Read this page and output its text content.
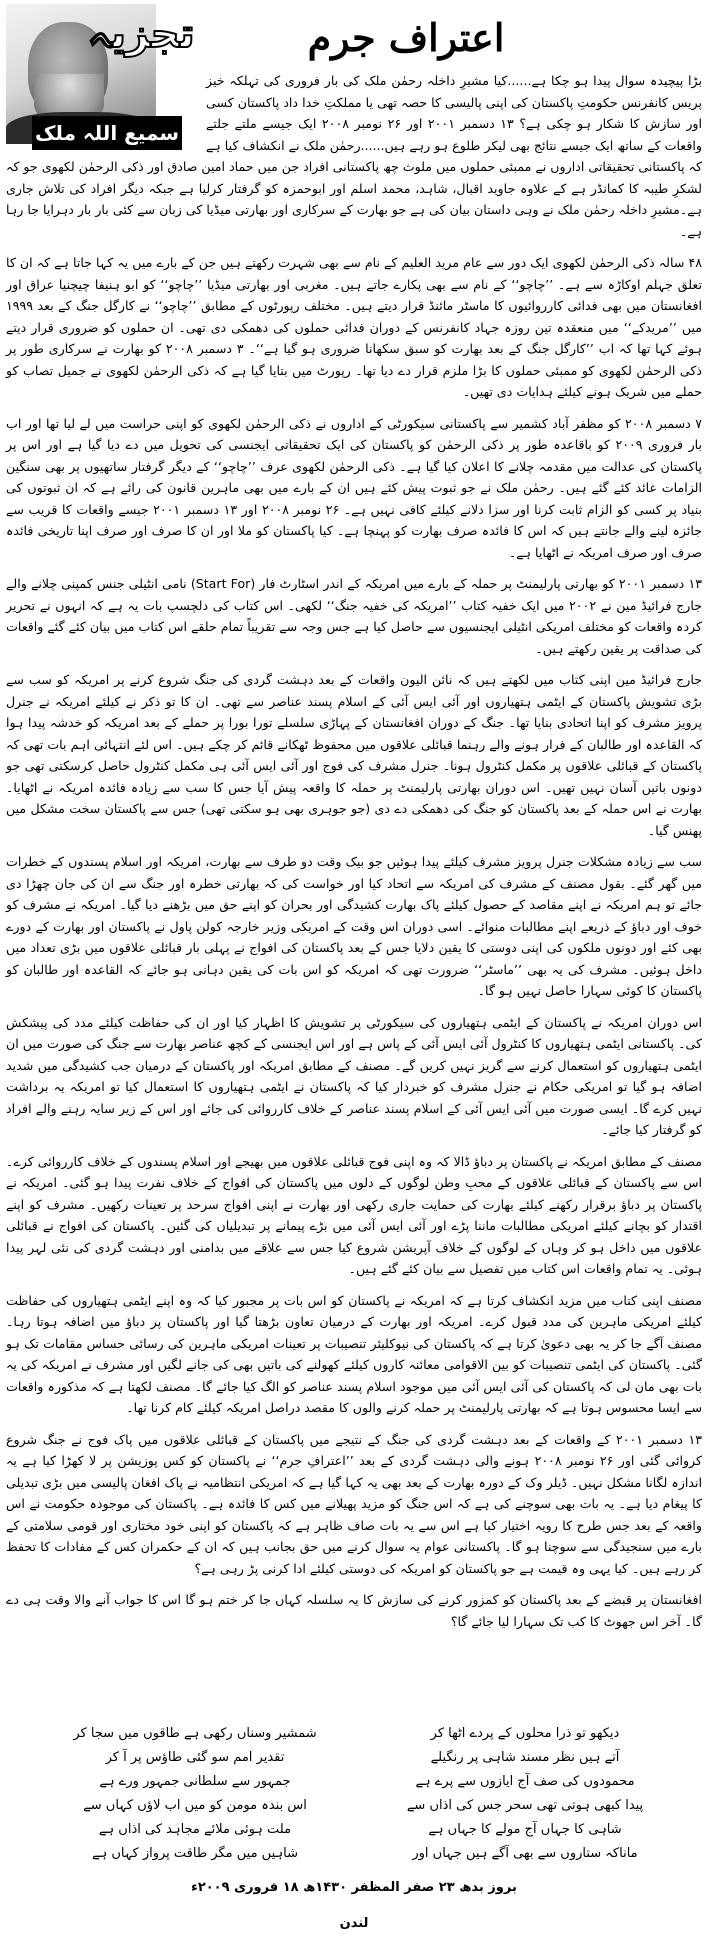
تجزیہ
سمیع اللہ ملک
اعتراف جرم

بڑا پیچیدہ سوال پیدا ہو چکا ہے......کیا مشیرِ داخلہ رحمٰن ملک کی بار فروری کی تہلکہ خیز پریس کانفرنس حکومتِ پاکستان کی اپنی پالیسی کا حصہ تھی یا مملکتِ خدا داد پاکستان کسی اور سازش کا شکار ہو چکی ہے؟ ۱۳ دسمبر ۲۰۰۱ اور ۲۶ نومبر ۲۰۰۸ ایک جیسے ملتے جلتے واقعات کے ساتھ ایک جیسے نتائج بھی لیکر طلوع ہو رہے ہیں......رحمٰن ملک نے انکشاف کیا ہے کہ پاکستانی تحقیقاتی اداروں نے ممبئی حملوں میں ملوث چھ پاکستانی افراد جن میں حماد امین صادق اور ذکی الرحمٰن لکھوی جو کہ لشکرِ طیبہ کا کمانڈر ہے کے علاوہ جاوید اقبال، شاہد، محمد اسلم اور ابوحمزہ کو گرفتار کرلیا ہے جبکہ دیگر افراد کی تلاش جاری ہے۔مشیرِ داخلہ رحمٰن ملک نے وہی داستان بیان کی ہے جو بھارت کے سرکاری اور بھارتی میڈیا کی زبان سے کئی بار بار دہرایا جا رہا ہے۔

۴۸ سالہ ذکی الرحمٰن لکھوی ایک دور سے عام مرید العلیم کے نام سے بھی شہرت رکھتے ہیں جن کے بارے میں یہ کہا جاتا ہے کہ ان کا تعلق جہلم اوکاڑہ سے ہے۔ ’’چاچو‘‘ کے نام سے بھی پکارے جاتے ہیں۔ مغربی اور بھارتی میڈیا ’’چاچو‘‘ کو ابو ہنیفا چیچنیا عراق اور افغانستان میں بھی فدائی کارروائیوں کا ماسٹر مائنڈ قرار دیتے ہیں۔ مختلف رپورٹوں کے مطابق ’’چاچو‘‘ نے کارگل جنگ کے بعد ۱۹۹۹ میں ’’مریدکے‘‘ میں منعقدہ تین روزہ جہاد کانفرنس کے دوران فدائی حملوں کی دھمکی دی تھی۔ ان حملوں کو ضروری قرار دیتے ہوئے کہا تھا کہ اب ’’کارگل جنگ کے بعد بھارت کو سبق سکھانا ضروری ہو گیا ہے‘‘۔ ۳ دسمبر ۲۰۰۸ کو بھارت نے سرکاری طور پر ذکی الرحمٰن لکھوی کو ممبئی حملوں کا بڑا ملزم قرار دے دیا تھا۔ رپورٹ میں بتایا گیا ہے کہ ذکی الرحمٰن لکھوی نے جمیل تصاب کو حملے میں شریک ہونے کیلئے ہدایات دی تھیں۔

۷ دسمبر ۲۰۰۸ کو مظفر آباد کشمیر سے پاکستانی سیکورٹی کے اداروں نے ذکی الرحمٰن لکھوی کو اپنی حراست میں لے لیا تھا اور اب بار فروری ۲۰۰۹ کو باقاعدہ طور پر ذکی الرحمٰن کو پاکستان کی ایک تحقیقاتی ایجنسی کی تحویل میں دے دیا گیا ہے اور اس پر پاکستان کی عدالت میں مقدمہ چلانے کا اعلان کیا گیا ہے۔ ذکی الرحمٰن لکھوی عرف ’’چاچو‘‘ کے دیگر گرفتار ساتھیوں پر بھی سنگین الزامات عائد کئے گئے ہیں۔ رحمٰن ملک نے جو ثبوت پیش کئے ہیں ان کے بارے میں بھی ماہرین قانون کی رائے ہے کہ ان ثبوتوں کی بنیاد پر کسی کو الزام ثابت کرنا اور سزا دلانے کیلئے کافی نہیں ہے۔ ۲۶ نومبر ۲۰۰۸ اور ۱۳ دسمبر ۲۰۰۱ جیسے واقعات کا قریب سے جائزہ لینے والے جانتے ہیں کہ اس کا فائدہ صرف بھارت کو پہنچا ہے۔ کیا پاکستان کو ملا اور ان کا صرف اور صرف اپنا تاریخی فائدہ صرف اور صرف امریکہ نے اٹھایا ہے۔

۱۳ دسمبر ۲۰۰۱ کو بھارتی پارلیمنٹ پر حملہ کے بارے میں امریکہ کے اندر اسٹارٹ فار (Start For) نامی انٹیلی جنس کمپنی چلانے والے جارج فرائیڈ مین نے ۲۰۰۲ میں ایک خفیہ کتاب ’’امریکہ کی خفیہ جنگ‘‘ لکھی۔ اس کتاب کی دلچسپ بات یہ ہے کہ انہوں نے تحریر کردہ واقعات کو مختلف امریکی انٹیلی ایجنسیوں سے حاصل کیا ہے جس وجہ سے تقریباً تمام حلقے اس کتاب میں بیان کئے گئے واقعات کی صداقت پر یقین رکھتے ہیں۔

جارج فرائیڈ مین اپنی کتاب میں لکھتے ہیں کہ نائن الیون واقعات کے بعد دہشت گردی کی جنگ شروع کرنے پر امریکہ کو سب سے بڑی تشویش پاکستان کے ایٹمی ہتھیاروں اور آئی ایس آئی کے اسلام پسند عناصر سے تھی۔ ان کا تو ذکر نے کیلئے امریکہ نے جنرل پرویز مشرف کو اپنا اتحادی بنایا تھا۔ جنگ کے دوران افغانستان کے پہاڑی سلسلے تورا بورا پر حملے کے بعد امریکہ کو خدشہ پیدا ہوا کہ القاعدہ اور طالبان کے فرار ہونے والے رہنما قبائلی علاقوں میں محفوظ ٹھکانے قائم کر چکے ہیں۔ اس لئے انتہائی اہم بات تھی کہ پاکستان کے قبائلی علاقوں پر مکمل کنٹرول ہونا۔ جنرل مشرف کی فوج اور آئی ایس آئی ہی مکمل کنٹرول حاصل کرسکتی تھی جو دونوں باتیں آسان نہیں تھیں۔ اس دوران بھارتی پارلیمنٹ پر حملہ کا واقعہ پیش آیا جس کا سب سے زیادہ فائدہ امریکہ نے اٹھایا۔ بھارت نے اس حملہ کے بعد پاکستان کو جنگ کی دھمکی دے دی (جو جوہری بھی ہو سکتی تھی) جس سے پاکستان سخت مشکل میں پھنس گیا۔

سب سے زیادہ مشکلات جنرل پرویز مشرف کیلئے پیدا ہوئیں جو بیک وقت دو طرف سے بھارت، امریکہ اور اسلام پسندوں کے خطرات میں گھر گئے۔ بقول مصنف کے مشرف کی امریکہ سے اتحاد کیا اور خواست کی کہ بھارتی خطرہ اور جنگ سے ان کی جان چھڑا دی جائے تو ہم امریکہ نے اپنے مقاصد کے حصول کیلئے پاک بھارت کشیدگی اور بحران کو اپنے حق میں بڑھنے دیا گیا۔ امریکہ نے مشرف کو خوف اور دباؤ کے ذریعے اپنے مطالبات منوائے۔ اسی دوران اس وقت کے امریکی وزیر خارجہ کولن پاول نے پاکستان اور بھارت کے دورے بھی کئے اور دونوں ملکوں کی اپنی دوستی کا یقین دلایا جس کے بعد پاکستان کی افواج نے پہلی بار قبائلی علاقوں میں بڑی تعداد میں داخل ہوئیں۔ مشرف کی یہ بھی ’’ماسٹر‘‘ ضرورت تھی کہ امریکہ کو اس بات کی یقین دہانی ہو جائے کہ القاعدہ اور طالبان کو پاکستان کا کوئی سہارا حاصل نہیں ہو گا۔

اس دوران امریکہ نے پاکستان کے ایٹمی ہتھیاروں کی سیکورٹی پر تشویش کا اظہار کیا اور ان کی حفاظت کیلئے مدد کی پیشکش کی۔ پاکستانی ایٹمی ہتھیاروں کا کنٹرول آئی ایس آئی کے پاس ہے اور اس ایجنسی کے کچھ عناصر بھارت سے جنگ کی صورت میں ان ایٹمی ہتھیاروں کو استعمال کرنے سے گریز نہیں کریں گے۔ مصنف کے مطابق امریکہ اور پاکستان کے درمیان جب کشیدگی میں شدید اضافہ ہو گیا تو امریکی حکام نے جنرل مشرف کو خبردار کیا کہ پاکستان نے ایٹمی ہتھیاروں کا استعمال کیا تو امریکہ یہ برداشت نہیں کرے گا۔ ایسی صورت میں آئی ایس آئی کے اسلام پسند عناصر کے خلاف کارروائی کی جائے اور اس کے زیر سایہ رہنے والے افراد کو گرفتار کیا جائے۔

مصنف کے مطابق امریکہ نے پاکستان پر دباؤ ڈالا کہ وہ اپنی فوج قبائلی علاقوں میں بھیجے اور اسلام پسندوں کے خلاف کارروائی کرے۔ اس سے پاکستان کے قبائلی علاقوں کے محبِ وطن لوگوں کے دلوں میں پاکستان کی افواج کے خلاف نفرت پیدا ہو گئی۔ امریکہ نے پاکستان پر دباؤ برقرار رکھنے کیلئے بھارت کی حمایت جاری رکھی اور بھارت نے اپنی افواج سرحد پر تعینات رکھیں۔ مشرف کو اپنے اقتدار کو بچانے کیلئے امریکی مطالبات ماننا پڑے اور آئی ایس آئی میں بڑے پیمانے پر تبدیلیاں کی گئیں۔ پاکستان کی افواج نے قبائلی علاقوں میں داخل ہو کر وہاں کے لوگوں کے خلاف آپریشن شروع کیا جس سے علاقے میں بدامنی اور دہشت گردی کی نئی لہر پیدا ہوئی۔ یہ تمام واقعات اس کتاب میں تفصیل سے بیان کئے گئے ہیں۔

مصنف اپنی کتاب میں مزید انکشاف کرتا ہے کہ امریکہ نے پاکستان کو اس بات پر مجبور کیا کہ وہ اپنے ایٹمی ہتھیاروں کی حفاظت کیلئے امریکی ماہرین کی مدد قبول کرے۔ امریکہ اور بھارت کے درمیان تعاون بڑھتا گیا اور پاکستان پر دباؤ میں اضافہ ہوتا رہا۔ مصنف آگے جا کر یہ بھی دعویٰ کرتا ہے کہ پاکستان کی نیوکلیئر تنصیبات پر تعینات امریکی ماہرین کی رسائی حساس مقامات تک ہو گئی۔ پاکستان کی ایٹمی تنصیبات کو بین الاقوامی معائنہ کاروں کیلئے کھولنے کی باتیں بھی کی جانے لگیں اور مشرف نے امریکہ کی یہ بات بھی مان لی کہ پاکستان کی آئی ایس آئی میں موجود اسلام پسند عناصر کو الگ کیا جائے گا۔ مصنف لکھتا ہے کہ مذکورہ واقعات سے ایسا محسوس ہوتا ہے کہ بھارتی پارلیمنٹ پر حملہ کرنے والوں کا مقصد دراصل امریکہ کیلئے کام کرنا تھا۔

۱۳ دسمبر ۲۰۰۱ کے واقعات کے بعد دہشت گردی کی جنگ کے نتیجے میں پاکستان کے قبائلی علاقوں میں پاک فوج نے جنگ شروع کروائی گئی اور ۲۶ نومبر ۲۰۰۸ ہونے والی دہشت گردی کے بعد ’’اعترافِ جرم‘‘ نے پاکستان کو کس پوزیشن پر لا کھڑا کیا ہے یہ اندازہ لگانا مشکل نہیں۔ ڈیلر وک کے دورہ بھارت کے بعد بھی یہ کہا گیا ہے کہ امریکی انتظامیہ نے پاک افغان پالیسی میں بڑی تبدیلی کا پیغام دیا ہے۔ یہ بات بھی سوچنے کی ہے کہ اس جنگ کو مزید پھیلانے میں کس کا فائدہ ہے۔ پاکستان کی موجودہ حکومت نے اس واقعہ کے بعد جس طرح کا رویہ اختیار کیا ہے اس سے یہ بات صاف ظاہر ہے کہ پاکستان کو اپنی خود مختاری اور قومی سلامتی کے بارے میں سنجیدگی سے سوچنا ہو گا۔ پاکستانی عوام یہ سوال کرنے میں حق بجانب ہیں کہ ان کے حکمران کس کے مفادات کا تحفظ کر رہے ہیں۔ کیا یہی وہ قیمت ہے جو پاکستان کو امریکہ کی دوستی کیلئے ادا کرنی پڑ رہی ہے؟

افغانستان پر قبضے کے بعد پاکستان کو کمزور کرنے کی سازش کا یہ سلسلہ کہاں جا کر ختم ہو گا اس کا جواب آنے والا وقت ہی دے گا۔ آخر اس جھوٹ کا کب تک سہارا لیا جائے گا؟

دیکھو تو ذرا محلوں کے پردے اٹھا کر
آتے ہیں نظر مسند شاہی پر رنگیلے
محمودوں کی صف آج ایازوں سے پرے ہے
پیدا کبھی ہوتی تھی سحر جس کی اذاں سے
شاہی کا جہاں آج مولے کا جہاں ہے
ماناکہ ستاروں سے بھی آگے ہیں جہاں اور
شمشیر وسناں رکھی ہے طاقوں میں سجا کر
تقدیر امم سو گئی طاؤس پر آ کر
جمہور سے سلطانی جمہور ورے ہے
اس بندہ مومن کو میں اب لاؤں کہاں سے
ملت ہوئی ملائے مجاہد کی اذاں ہے
شاہیں میں مگر طاقت پرواز کہاں ہے
بروز بدھ ۲۳ صفر المظفر ۱۴۳۰ھ ۱۸ فروری ۲۰۰۹ء
لندن
